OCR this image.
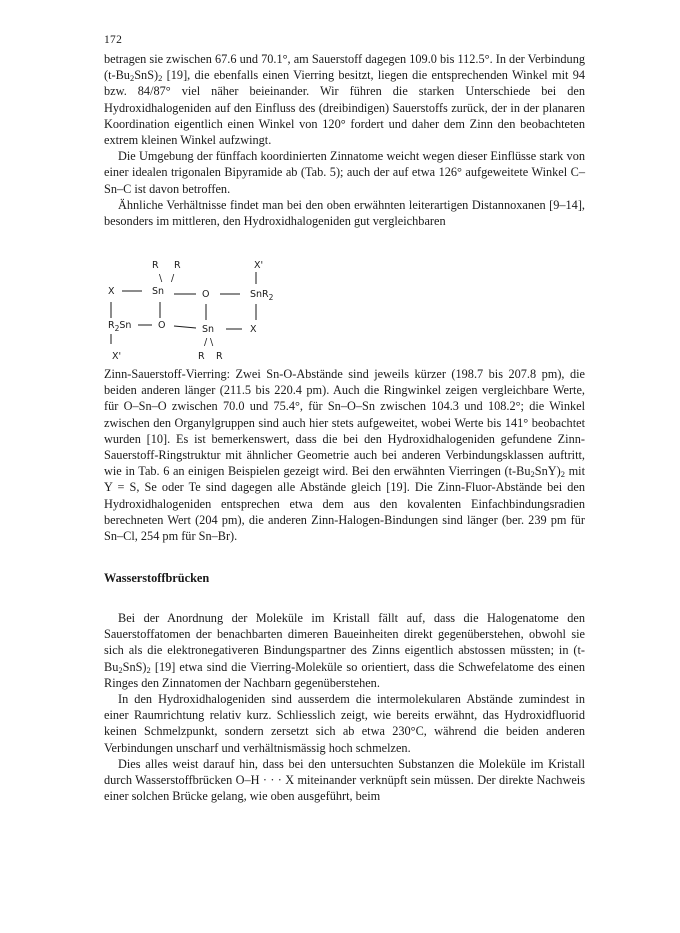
172

betragen sie zwischen 67.6 und 70.1°, am Sauerstoff dagegen 109.0 bis 112.5°. In der Verbindung $(t-Bu_2SnS)_2$ [19], die ebenfalls einen Vierring besitzt, liegen die entsprechenden Winkel mit 94 bzw. 84/87° viel näher beieinander. Wir führen die starken Unterschiede bei den Hydroxidhalogeniden auf den Einfluss des (dreibindigen) Sauerstoffs zurück, der in der planaren Koordination eigentlich einen Winkel von 120° fordert und daher dem Zinn den beobachteten extrem kleinen Winkel aufzwingt.

Die Umgebung der fünffach koordinierten Zinnatome weicht wegen dieser Einflüsse stark von einer idealen trigonalen Bipyramide ab (Tab. 5); auch der auf etwa 126° aufgeweitete Winkel C–Sn–C ist davon betroffen.

Ähnliche Verhältnisse findet man bei den oben erwähnten leiterartigen Distannoxanen [9–14], besonders im mittleren, den Hydroxidhalogeniden gut vergleichbaren

R R	X'
\ /
X	Sn	O	SnR$_2$
$R_2Sn$	O	Sn	X
/ \
X'	R R

Zinn-Sauerstoff-Vierring: Zwei Sn-O-Abstände sind jeweils kürzer (198.7 bis 207.8 pm), die beiden anderen länger (211.5 bis 220.4 pm). Auch die Ringwinkel zeigen vergleichbare Werte, für O–Sn–O zwischen 70.0 und 75.4°, für Sn–O–Sn zwischen 104.3 und 108.2°; die Winkel zwischen den Organylgruppen sind auch hier stets aufgeweitet, wobei Werte bis 141° beobachtet wurden [10]. Es ist bemerkenswert, dass die bei den Hydroxidhalogeniden gefundene Zinn-Sauerstoff-Ringstruktur mit ähnlicher Geometrie auch bei anderen Verbindungsklassen auftritt, wie in Tab. 6 an einigen Beispielen gezeigt wird. Bei den erwähnten Vierringen $(t-Bu_2SnY)_2$ mit Y = S, Se oder Te sind dagegen alle Abstände gleich [19]. Die Zinn-Fluor-Abstände bei den Hydroxidhalogeniden entsprechen etwa dem aus den kovalenten Einfachbindungsradien berechneten Wert (204 pm), die anderen Zinn-Halogen-Bindungen sind länger (ber. 239 pm für Sn–Cl, 254 pm für Sn–Br).

Wasserstoffbrücken

Bei der Anordnung der Moleküle im Kristall fällt auf, dass die Halogenatome den Sauerstoffatomen der benachbarten dimeren Baueinheiten direkt gegenüberstehen, obwohl sie sich als die elektronegativeren Bindungspartner des Zinns eigentlich abstossen müssten; in $(t-Bu_2SnS)_2$ [19] etwa sind die Vierring-Moleküle so orientiert, dass die Schwefelatome des einen Ringes den Zinnatomen der Nachbarn gegenüberstehen.

In den Hydroxidhalogeniden sind ausserdem die intermolekularen Abstände zumindest in einer Raumrichtung relativ kurz. Schliesslich zeigt, wie bereits erwähnt, das Hydroxidfluorid keinen Schmelzpunkt, sondern zersetzt sich ab etwa 230°C, während die beiden anderen Verbindungen unscharf und verhältnismässig hoch schmelzen.

Dies alles weist darauf hin, dass bei den untersuchten Substanzen die Moleküle im Kristall durch Wasserstoffbrücken O–H · · · X miteinander verknüpft sein müssen. Der direkte Nachweis einer solchen Brücke gelang, wie oben ausgeführt, beim
